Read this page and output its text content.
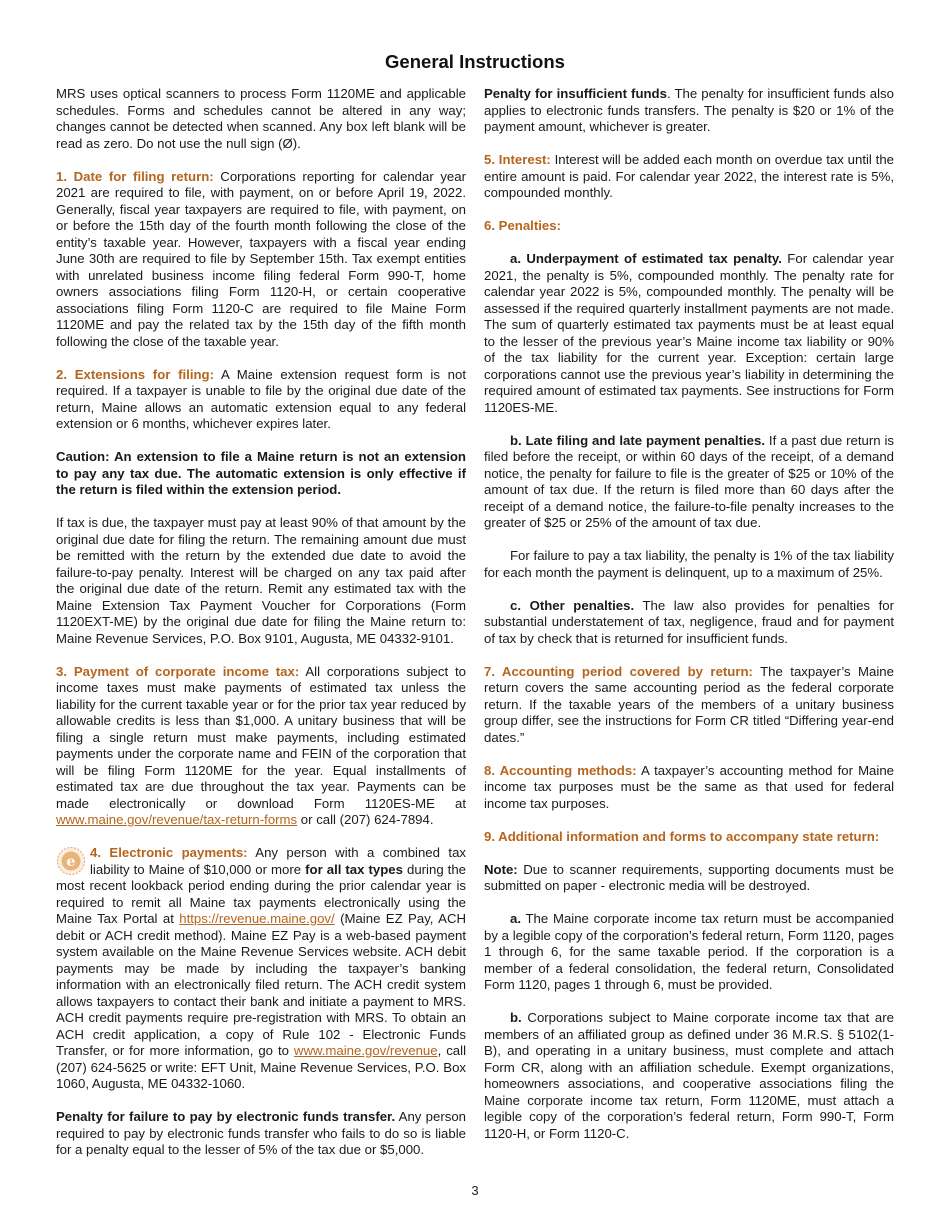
General Instructions

MRS uses optical scanners to process Form 1120ME and applicable schedules. Forms and schedules cannot be altered in any way; changes cannot be detected when scanned. Any box left blank will be read as zero. Do not use the null sign (Ø).

1. Date for filing return: Corporations reporting for calendar year 2021 are required to file, with payment, on or before April 19, 2022. Generally, fiscal year taxpayers are required to file, with payment, on or before the 15th day of the fourth month following the close of the entity’s taxable year. However, taxpayers with a fiscal year ending June 30th are required to file by September 15th. Tax exempt entities with unrelated business income filing federal Form 990-T, home owners associations filing Form 1120-H, or certain cooperative associations filing Form 1120-C are required to file Maine Form 1120ME and pay the related tax by the 15th day of the fifth month following the close of the taxable year.

2. Extensions for filing: A Maine extension request form is not required. If a taxpayer is unable to file by the original due date of the return, Maine allows an automatic extension equal to any federal extension or 6 months, whichever expires later.

Caution: An extension to file a Maine return is not an extension to pay any tax due. The automatic extension is only effective if the return is filed within the extension period.

If tax is due, the taxpayer must pay at least 90% of that amount by the original due date for filing the return. The remaining amount due must be remitted with the return by the extended due date to avoid the failure-to-pay penalty. Interest will be charged on any tax paid after the original due date of the return. Remit any estimated tax with the Maine Extension Tax Payment Voucher for Corporations (Form 1120EXT-ME) by the original due date for filing the Maine return to: Maine Revenue Services, P.O. Box 9101, Augusta, ME 04332-9101.

3. Payment of corporate income tax: All corporations subject to income taxes must make payments of estimated tax unless the liability for the current taxable year or for the prior tax year reduced by allowable credits is less than $1,000. A unitary business that will be filing a single return must make payments, including estimated payments under the corporate name and FEIN of the corporation that will be filing Form 1120ME for the year. Equal installments of estimated tax are due throughout the tax year. Payments can be made electronically or download Form 1120ES-ME at www.maine.gov/revenue/tax-return-forms or call (207) 624-7894.

e
4. Electronic payments: Any person with a combined tax liability to Maine of $10,000 or more for all tax types during the most recent lookback period ending during the prior calendar year is required to remit all Maine tax payments electronically using the Maine Tax Portal at https://revenue.maine.gov/ (Maine EZ Pay, ACH debit or ACH credit method). Maine EZ Pay is a web-based payment system available on the Maine Revenue Services website. ACH debit payments may be made by including the taxpayer’s banking information with an electronically filed return. The ACH credit system allows taxpayers to contact their bank and initiate a payment to MRS. ACH credit payments require pre-registration with MRS. To obtain an ACH credit application, a copy of Rule 102 - Electronic Funds Transfer, or for more information, go to www.maine.gov/revenue, call (207) 624-5625 or write: EFT Unit, Maine Revenue Services, P.O. Box 1060, Augusta, ME 04332-1060.

Penalty for failure to pay by electronic funds transfer. Any person required to pay by electronic funds transfer who fails to do so is liable for a penalty equal to the lesser of 5% of the tax due or $5,000.

Penalty for insufficient funds. The penalty for insufficient funds also applies to electronic funds transfers. The penalty is $20 or 1% of the payment amount, whichever is greater.

5. Interest: Interest will be added each month on overdue tax until the entire amount is paid. For calendar year 2022, the interest rate is 5%, compounded monthly.

6. Penalties:

a. Underpayment of estimated tax penalty. For calendar year 2021, the penalty is 5%, compounded monthly. The penalty rate for calendar year 2022 is 5%, compounded monthly. The penalty will be assessed if the required quarterly installment payments are not made. The sum of quarterly estimated tax payments must be at least equal to the lesser of the previous year’s Maine income tax liability or 90% of the tax liability for the current year. Exception: certain large corporations cannot use the previous year’s liability in determining the required amount of estimated tax payments. See instructions for Form 1120ES-ME.

b. Late filing and late payment penalties. If a past due return is filed before the receipt, or within 60 days of the receipt, of a demand notice, the penalty for failure to file is the greater of $25 or 10% of the amount of tax due. If the return is filed more than 60 days after the receipt of a demand notice, the failure-to-file penalty increases to the greater of $25 or 25% of the amount of tax due.

For failure to pay a tax liability, the penalty is 1% of the tax liability for each month the payment is delinquent, up to a maximum of 25%.

c. Other penalties. The law also provides for penalties for substantial understatement of tax, negligence, fraud and for payment of tax by check that is returned for insufficient funds.

7. Accounting period covered by return: The taxpayer’s Maine return covers the same accounting period as the federal corporate return. If the taxable years of the members of a unitary business group differ, see the instructions for Form CR titled “Differing year-end dates.”

8. Accounting methods: A taxpayer’s accounting method for Maine income tax purposes must be the same as that used for federal income tax purposes.

9. Additional information and forms to accompany state return:

Note: Due to scanner requirements, supporting documents must be submitted on paper - electronic media will be destroyed.

a. The Maine corporate income tax return must be accompanied by a legible copy of the corporation’s federal return, Form 1120, pages 1 through 6, for the same taxable period. If the corporation is a member of a federal consolidation, the federal return, Consolidated Form 1120, pages 1 through 6, must be provided.

b. Corporations subject to Maine corporate income tax that are members of an affiliated group as defined under 36 M.R.S. § 5102(1-B), and operating in a unitary business, must complete and attach Form CR, along with an affiliation schedule. Exempt organizations, homeowners associations, and cooperative associations filing the Maine corporate income tax return, Form 1120ME, must attach a legible copy of the corporation’s federal return, Form 990-T, Form 1120-H, or Form 1120-C.

3
